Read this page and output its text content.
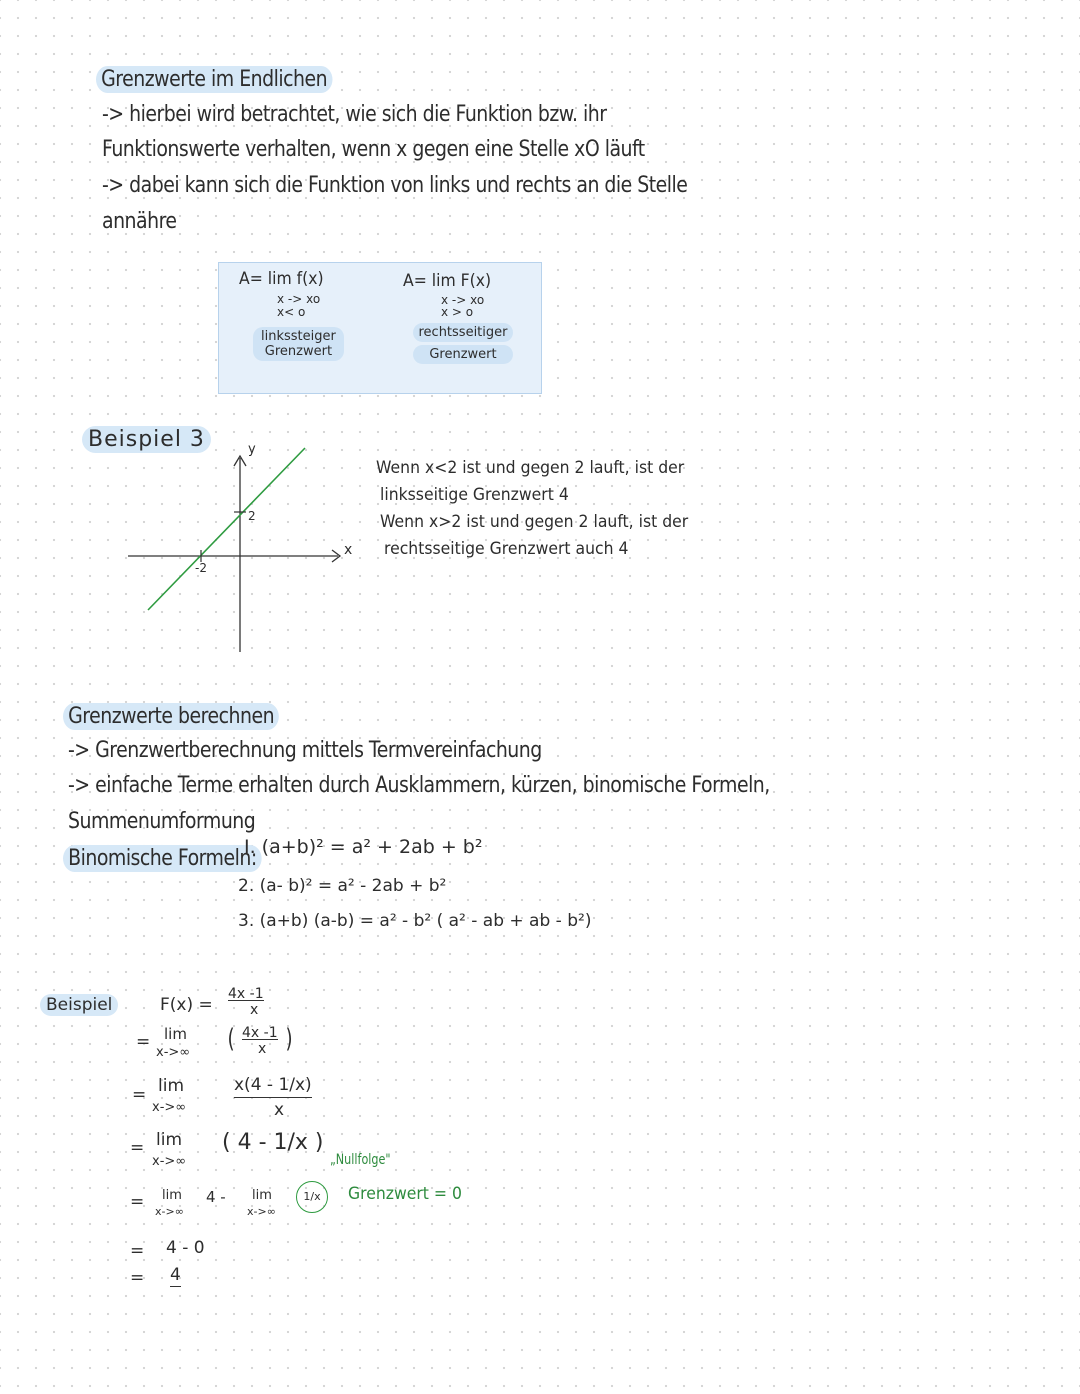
Grenzwerte im Endlichen
-> hierbei wird betrachtet, wie sich die Funktion bzw. ihr
Funktionswerte verhalten, wenn x gegen eine Stelle xO läuft
-> dabei kann sich die Funktion von links und rechts an die Stelle
annähre
A= lim f(x)
x -> xo
x< o
linkssteiger
Grenzwert
A= lim F(x)
x -> xo
x > o
rechtsseitiger
Grenzwert
Beispiel 3	y
x
2
-2
Wenn x<2 ist und gegen 2 lauft, ist der
linksseitige Grenzwert 4
Wenn x>2 ist und gegen 2 lauft, ist der
rechtsseitige Grenzwert auch 4
Grenzwerte berechnen
-> Grenzwertberechnung mittels Termvereinfachung
-> einfache Terme erhalten durch Ausklammern, kürzen, binomische Formeln,
Summenumformung
Binomische Formeln:
I. (a+b)² = a² + 2ab + b²
2. (a- b)² = a² - 2ab + b²
3. (a+b) (a-b) = a² - b² ( a² - ab + ab - b²)
Beispiel	F(x) =
4x -1
x
= lim
x->∞ ( 4x -1
x )
= lim
x->∞
x(4 - 1/x)
x
= lim
x->∞
( 4 - 1/x )
= lim
x->∞
4 - lim
x->∞
1/x
„Nullfolge"
Grenzwert = 0
= 4 - 0
= 4
